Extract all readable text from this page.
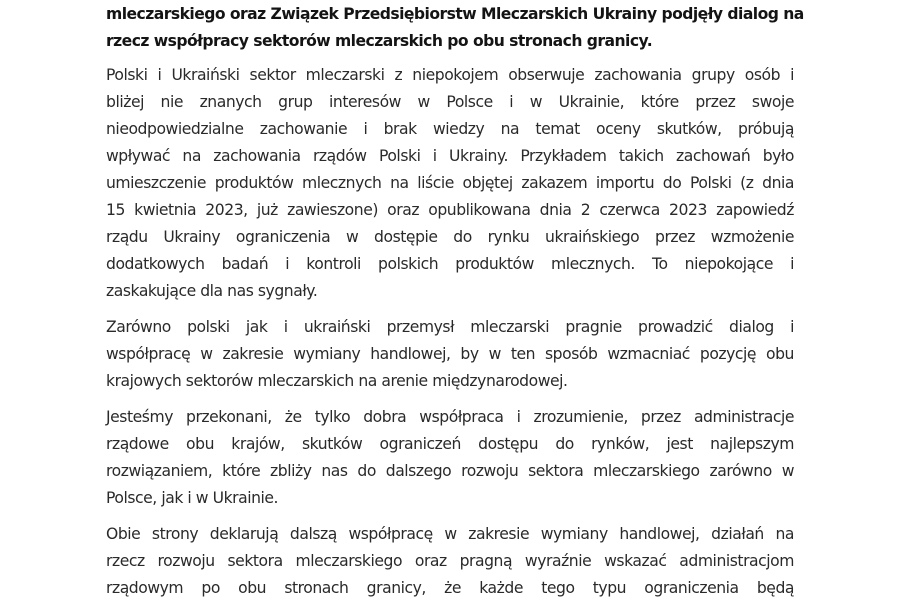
mleczarskiego oraz Związek Przedsiębiorstw Mleczarskich Ukrainy podjęły dialog na
rzecz współpracy sektorów mleczarskich po obu stronach granicy.
Polski i Ukraiński sektor mleczarski z niepokojem obserwuje zachowania grupy osób i
bliżej nie znanych grup interesów w Polsce i w Ukrainie, które przez swoje
nieodpowiedzialne zachowanie i brak wiedzy na temat oceny skutków, próbują
wpływać na zachowania rządów Polski i Ukrainy. Przykładem takich zachowań było
umieszczenie produktów mlecznych na liście objętej zakazem importu do Polski (z dnia
15 kwietnia 2023, już zawieszone) oraz opublikowana dnia 2 czerwca 2023 zapowiedź
rządu Ukrainy ograniczenia w dostępie do rynku ukraińskiego przez wzmożenie
dodatkowych badań i kontroli polskich produktów mlecznych. To niepokojące i
zaskakujące dla nas sygnały.
Zarówno polski jak i ukraiński przemysł mleczarski pragnie prowadzić dialog i
współpracę w zakresie wymiany handlowej, by w ten sposób wzmacniać pozycję obu
krajowych sektorów mleczarskich na arenie międzynarodowej.
Jesteśmy przekonani, że tylko dobra współpraca i zrozumienie, przez administracje
rządowe obu krajów, skutków ograniczeń dostępu do rynków, jest najlepszym
rozwiązaniem, które zbliży nas do dalszego rozwoju sektora mleczarskiego zarówno w
Polsce, jak i w Ukrainie.
Obie strony deklarują dalszą współpracę w zakresie wymiany handlowej, działań na
rzecz rozwoju sektora mleczarskiego oraz pragną wyraźnie wskazać administracjom
rządowym po obu stronach granicy, że każde tego typu ograniczenia będą
